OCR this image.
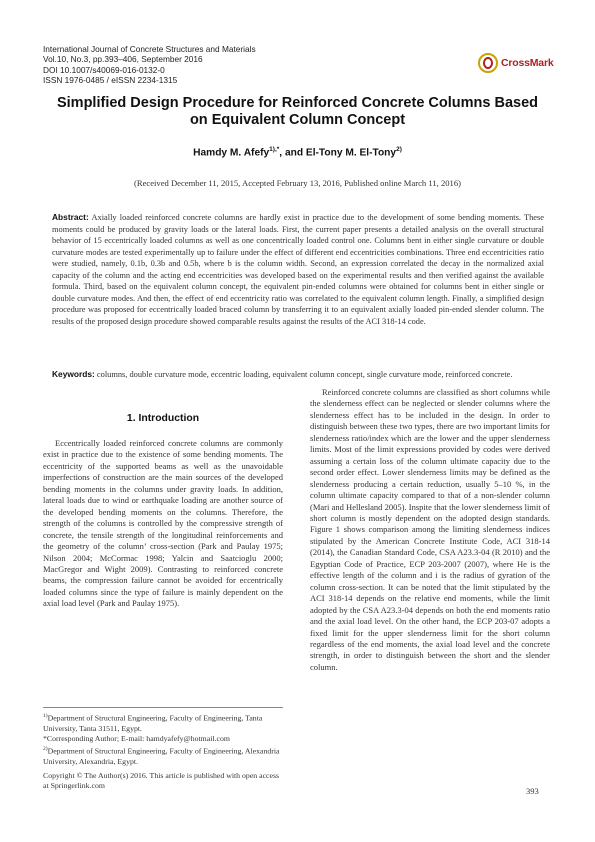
International Journal of Concrete Structures and Materials
Vol.10, No.3, pp.393–406, September 2016
DOI 10.1007/s40069-016-0132-0
ISSN 1976-0485 / eISSN 2234-1315
CrossMark
Simplified Design Procedure for Reinforced Concrete Columns Based
on Equivalent Column Concept
Hamdy M. Afefy$^{1),*}$, and El-Tony M. El-Tony$^{2)}$
(Received December 11, 2015, Accepted February 13, 2016, Published online March 11, 2016)
Abstract: Axially loaded reinforced concrete columns are hardly exist in practice due to the development of some bending moments. These moments could be produced by gravity loads or the lateral loads. First, the current paper presents a detailed analysis on the overall structural behavior of 15 eccentrically loaded columns as well as one concentrically loaded control one. Columns bent in either single curvature or double curvature modes are tested experimentally up to failure under the effect of different end eccentricities combinations. Three end eccentricities ratio were studied, namely, 0.1b, 0.3b and 0.5b, where b is the column width. Second, an expression correlated the decay in the normalized axial capacity of the column and the acting end eccentricities was developed based on the experimental results and then verified against the available formula. Third, based on the equivalent column concept, the equivalent pin-ended columns were obtained for columns bent in either single or double curvature modes. And then, the effect of end eccentricity ratio was correlated to the equivalent column length. Finally, a simplified design procedure was proposed for eccentrically loaded braced column by transferring it to an equivalent axially loaded pin-ended slender column. The results of the proposed design procedure showed comparable results against the results of the ACI 318-14 code.
Keywords: columns, double curvature mode, eccentric loading, equivalent column concept, single curvature mode, reinforced concrete.
1. Introduction
Eccentrically loaded reinforced concrete columns are commonly exist in practice due to the existence of some bending moments. The eccentricity of the supported beams as well as the unavoidable imperfections of construction are the main sources of the developed bending moments in the columns under gravity loads. In addition, lateral loads due to wind or earthquake loading are another source of the developed bending moments on the columns. Therefore, the strength of the columns is controlled by the compressive strength of concrete, the tensile strength of the longitudinal reinforcements and the geometry of the column’ cross-section (Park and Paulay 1975; Nilson 2004; McCormac 1998; Yalcin and Saatcioglu 2000; MacGregor and Wight 2009). Contrasting to reinforced concrete beams, the compression failure cannot be avoided for eccentrically loaded columns since the type of failure is mainly dependent on the axial load level (Park and Paulay 1975).
Reinforced concrete columns are classified as short columns while the slenderness effect can be neglected or slender columns where the slenderness effect has to be included in the design. In order to distinguish between these two types, there are two important limits for slenderness ratio/index which are the lower and the upper slenderness limits. Most of the limit expressions provided by codes were derived assuming a certain loss of the column ultimate capacity due to the second order effect. Lower slenderness limits may be defined as the slenderness producing a certain reduction, usually 5–10 %, in the column ultimate capacity compared to that of a non-slender column (Mari and Hellesland 2005). Inspite that the lower slenderness limit of short column is mostly dependent on the adopted design standards. Figure 1 shows comparison among the limiting slenderness indices stipulated by the American Concrete Institute Code, ACI 318-14 (2014), the Canadian Standard Code, CSA A23.3-04 (R 2010) and the Egyptian Code of Practice, ECP 203-2007 (2007), where He is the effective length of the column and i is the radius of gyration of the column cross-section. It can be noted that the limit stipulated by the ACI 318-14 depends on the relative end moments, while the limit adopted by the CSA A23.3-04 depends on both the end moments ratio and the axial load level. On the other hand, the ECP 203-07 adopts a fixed limit for the upper slenderness limit for the short column regardless of the end moments, the axial load level and the concrete strength, in order to distinguish between the short and the slender column.

$^{1)}$Department of Structural Engineering, Faculty of Engineering, Tanta University, Tanta 31511, Egypt.

*Corresponding Author; E-mail: hamdyafefy@hotmail.com

$^{2)}$Department of Structural Engineering, Faculty of Engineering, Alexandria University, Alexandria, Egypt.

Copyright © The Author(s) 2016. This article is published with open access at Springerlink.com

393
